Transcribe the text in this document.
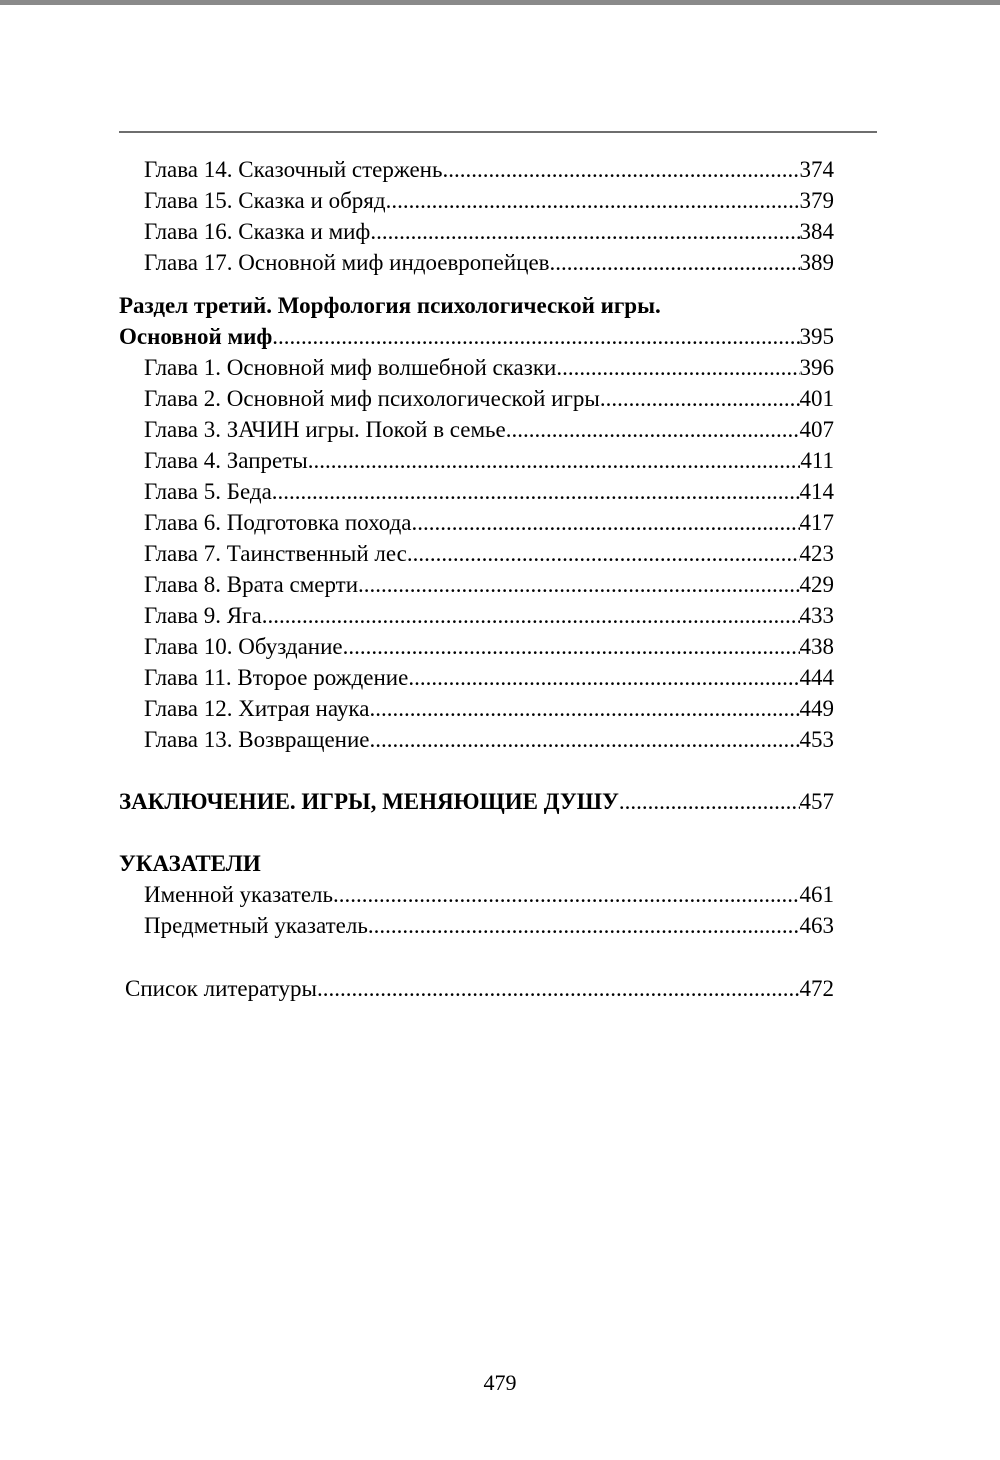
Глава 14. Сказочный стержень .....	374
Глава 15. Сказка и обряд .....	379
Глава 16. Сказка и миф .....	384
Глава 17. Основной миф индоевропейцев .....	389
Раздел третий. Морфология психологической игры.
Основной миф .....	395
Глава 1. Основной миф волшебной сказки .....	396
Глава 2. Основной миф психологической игры .....	401
Глава 3. ЗАЧИН игры. Покой в семье .....	407
Глава 4. Запреты .....	411
Глава 5. Беда .....	414
Глава 6. Подготовка похода .....	417
Глава 7. Таинственный лес .....	423
Глава 8. Врата смерти .....	429
Глава 9. Яга .....	433
Глава 10. Обуздание .....	438
Глава 11. Второе рождение .....	444
Глава 12. Хитрая наука .....	449
Глава 13. Возвращение .....	453
ЗАКЛЮЧЕНИЕ. ИГРЫ, МЕНЯЮЩИЕ ДУШУ .....	457
УКАЗАТЕЛИ
Именной указатель .....	461
Предметный указатель .....	463
Список литературы .....	472
479
